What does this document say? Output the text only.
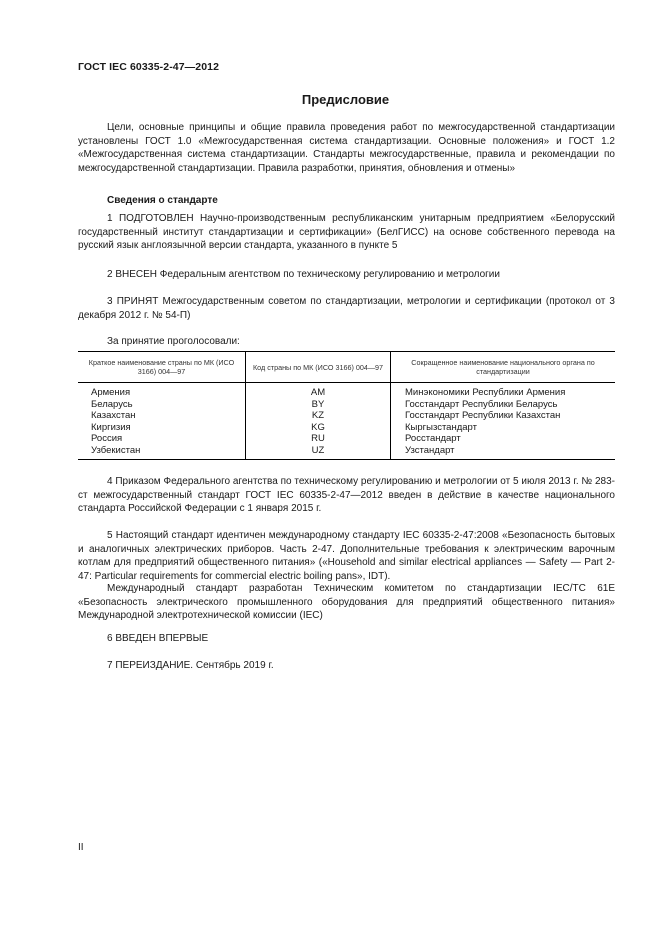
ГОСТ IEC 60335-2-47—2012
Предисловие
Цели, основные принципы и общие правила проведения работ по межгосударственной стандартизации установлены ГОСТ 1.0 «Межгосударственная система стандартизации. Основные положения» и ГОСТ 1.2 «Межгосударственная система стандартизации. Стандарты межгосударственные, правила и рекомендации по межгосударственной стандартизации. Правила разработки, принятия, обновления и отмены»
Сведения о стандарте
1 ПОДГОТОВЛЕН Научно-производственным республиканским унитарным предприятием «Белорусский государственный институт стандартизации и сертификации» (БелГИСС) на основе собственного перевода на русский язык англоязычной версии стандарта, указанного в пункте 5
2 ВНЕСЕН Федеральным агентством по техническому регулированию и метрологии
3 ПРИНЯТ Межгосударственным советом по стандартизации, метрологии и сертификации (протокол от 3 декабря 2012 г. № 54-П)
За принятие проголосовали:
Краткое наименование страны по МК (ИСО 3166) 004—97	Код страны по МК (ИСО 3166) 004—97	Сокращенное наименование национального органа по стандартизации
Армения	AM	Минэкономики Республики Армения
Беларусь	BY	Госстандарт Республики Беларусь
Казахстан	KZ	Госстандарт Республики Казахстан
Киргизия	KG	Кыргызстандарт
Россия	RU	Росстандарт
Узбекистан	UZ	Узстандарт
4 Приказом Федерального агентства по техническому регулированию и метрологии от 5 июля 2013 г. № 283-ст межгосударственный стандарт ГОСТ IEC 60335-2-47—2012 введен в действие в качестве национального стандарта Российской Федерации с 1 января 2015 г.
5 Настоящий стандарт идентичен международному стандарту IEC 60335-2-47:2008 «Безопасность бытовых и аналогичных электрических приборов. Часть 2-47. Дополнительные требования к электрическим варочным котлам для предприятий общественного питания» («Household and similar electrical appliances — Safety — Part 2-47: Particular requirements for commercial electric boiling pans», IDT).
Международный стандарт разработан Техническим комитетом по стандартизации IEC/TC 61E «Безопасность электрического промышленного оборудования для предприятий общественного питания» Международной электротехнической комиссии (IEC)
6 ВВЕДЕН ВПЕРВЫЕ
7 ПЕРЕИЗДАНИЕ. Сентябрь 2019 г.
II
